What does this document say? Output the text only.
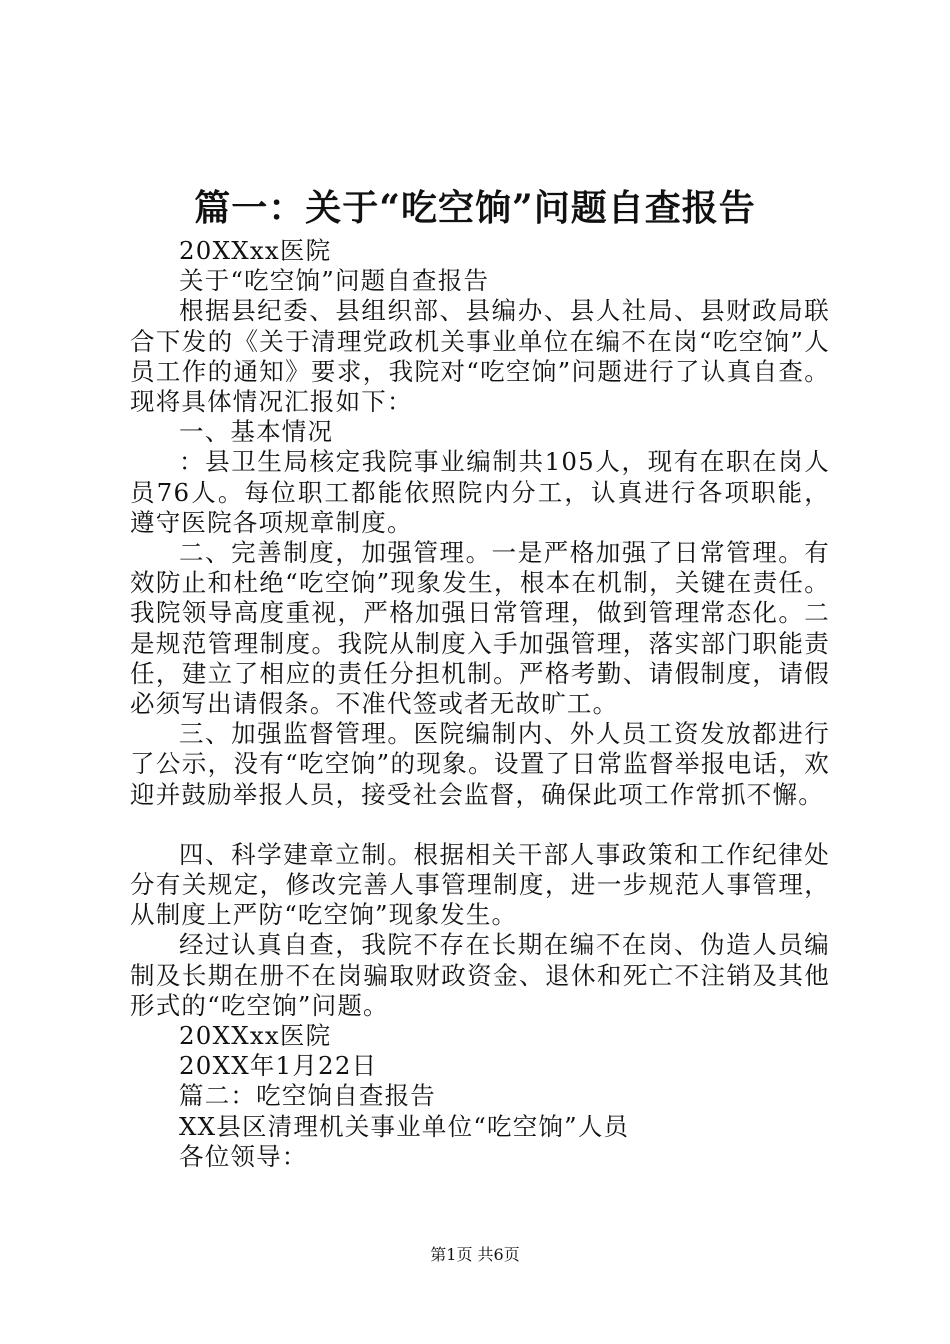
篇一：关于“吃空饷”问题自查报告

20XXxx医院

关于“吃空饷”问题自查报告

根据县纪委、县组织部、县编办、县人社局、县财政局联合下发的《关于清理党政机关事业单位在编不在岗“吃空饷”人员工作的通知》要求，我院对“吃空饷”问题进行了认真自查。现将具体情况汇报如下：

一、基本情况

：县卫生局核定我院事业编制共105人，现有在职在岗人员76人。每位职工都能依照院内分工，认真进行各项职能，遵守医院各项规章制度。

二、完善制度，加强管理。一是严格加强了日常管理。有效防止和杜绝“吃空饷”现象发生，根本在机制，关键在责任。我院领导高度重视，严格加强日常管理，做到管理常态化。二是规范管理制度。我院从制度入手加强管理，落实部门职能责任，建立了相应的责任分担机制。严格考勤、请假制度，请假必须写出请假条。不准代签或者无故旷工。

三、加强监督管理。医院编制内、外人员工资发放都进行了公示，没有“吃空饷”的现象。设置了日常监督举报电话，欢迎并鼓励举报人员，接受社会监督，确保此项工作常抓不懈。

四、科学建章立制。根据相关干部人事政策和工作纪律处分有关规定，修改完善人事管理制度，进一步规范人事管理，从制度上严防“吃空饷”现象发生。

经过认真自查，我院不存在长期在编不在岗、伪造人员编制及长期在册不在岗骗取财政资金、退休和死亡不注销及其他形式的“吃空饷”问题。

20XXxx医院

20XX年1月22日

篇二：吃空饷自查报告

XX县区清理机关事业单位“吃空饷”人员

各位领导：

第1页 共6页
